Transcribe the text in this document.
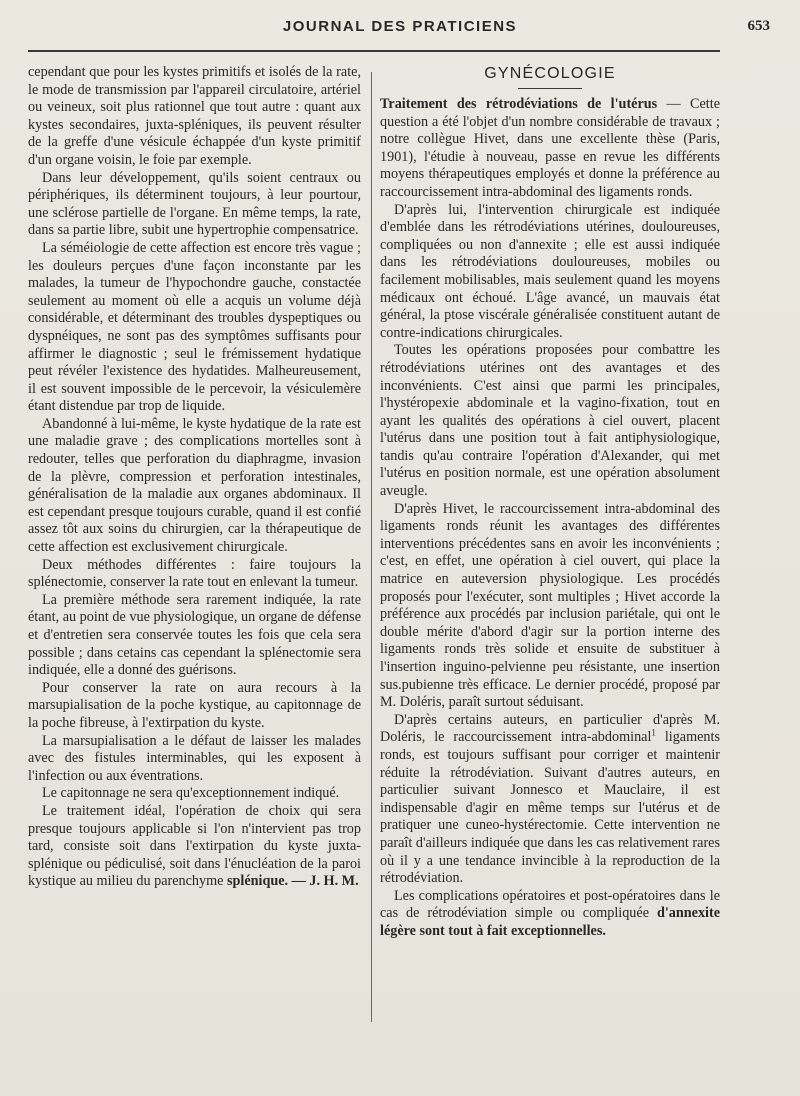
JOURNAL DES PRATICIENS	653

cependant que pour les kystes primitifs et isolés de la rate, le mode de transmission par l'appareil circulatoire, artériel ou veineux, soit plus rationnel que tout autre : quant aux kystes secondaires, juxta-spléniques, ils peuvent résulter de la greffe d'une vésicule échappée d'un kyste primitif d'un organe voisin, le foie par exemple.

Dans leur développement, qu'ils soient centraux ou périphériques, ils déterminent toujours, à leur pourtour, une sclérose partielle de l'organe. En même temps, la rate, dans sa partie libre, subit une hypertrophie compensatrice.

La séméiologie de cette affection est encore très vague ; les douleurs perçues d'une façon inconstante par les malades, la tumeur de l'hypochondre gauche, constactée seulement au moment où elle a acquis un volume déjà considérable, et déterminant des troubles dyspeptiques ou dyspnéiques, ne sont pas des symptômes suffisants pour affirmer le diagnostic ; seul le frémissement hydatique peut révéler l'existence des hydatides. Malheureusement, il est souvent impossible de le percevoir, la vésiculemère étant distendue par trop de liquide.

Abandonné à lui-même, le kyste hydatique de la rate est une maladie grave ; des complications mortelles sont à redouter, telles que perforation du diaphragme, invasion de la plèvre, compression et perforation intestinales, généralisation de la maladie aux organes abdominaux. Il est cependant presque toujours curable, quand il est confié assez tôt aux soins du chirurgien, car la thérapeutique de cette affection est exclusivement chirurgicale.

Deux méthodes différentes : faire toujours la splénectomie, conserver la rate tout en enlevant la tumeur.

La première méthode sera rarement indiquée, la rate étant, au point de vue physiologique, un organe de défense et d'entretien sera conservée toutes les fois que cela sera possible ; dans cetains cas cependant la splénectomie sera indiquée, elle a donné des guérisons.

Pour conserver la rate on aura recours à la marsupialisation de la poche kystique, au capitonnage de la poche fibreuse, à l'extirpation du kyste.

La marsupialisation a le défaut de laisser les malades avec des fistules interminables, qui les exposent à l'infection ou aux éventrations.

Le capitonnage ne sera qu'exceptionnement indiqué.

Le traitement idéal, l'opération de choix qui sera presque toujours applicable si l'on n'intervient pas trop tard, consiste soit dans l'extirpation du kyste juxta-splénique ou pédiculisé, soit dans l'énucléation de la paroi kystique au milieu du parenchyme splénique. — J. H. M.

GYNÉCOLOGIE

Traitement des rétrodéviations de l'utérus — Cette question a été l'objet d'un nombre considérable de travaux ; notre collègue Hivet, dans une excellente thèse (Paris, 1901), l'étudie à nouveau, passe en revue les différents moyens thérapeutiques employés et donne la préférence au raccourcissement intra-abdominal des ligaments ronds.

D'après lui, l'intervention chirurgicale est indiquée d'emblée dans les rétrodéviations utérines, douloureuses, compliquées ou non d'annexite ; elle est aussi indiquée dans les rétrodéviations douloureuses, mobiles ou facilement mobilisables, mais seulement quand les moyens médicaux ont échoué. L'âge avancé, un mauvais état général, la ptose viscérale généralisée constituent autant de contre-indications chirurgicales.

Toutes les opérations proposées pour combattre les rétrodéviations utérines ont des avantages et des inconvénients. C'est ainsi que parmi les principales, l'hystéropexie abdominale et la vagino-fixation, tout en ayant les qualités des opérations à ciel ouvert, placent l'utérus dans une position tout à fait antiphysiologique, tandis qu'au contraire l'opération d'Alexander, qui met l'utérus en position normale, est une opération absolument aveugle.

D'après Hivet, le raccourcissement intra-abdominal des ligaments ronds réunit les avantages des différentes interventions précédentes sans en avoir les inconvénients ; c'est, en effet, une opération à ciel ouvert, qui place la matrice en auteversion physiologique. Les procédés proposés pour l'exécuter, sont multiples ; Hivet accorde la préférence aux procédés par inclusion pariétale, qui ont le double mérite d'abord d'agir sur la portion interne des ligaments ronds très solide et ensuite de substituer à l'insertion inguino-pelvienne peu résistante, une insertion sus.pubienne très efficace. Le dernier procédé, proposé par M. Doléris, paraît surtout séduisant.

D'après certains auteurs, en particulier d'après M. Doléris, le raccourcissement intra-abdominal$^1$ ligaments ronds, est toujours suffisant pour corriger et maintenir réduite la rétrodéviation. Suivant d'autres auteurs, en particulier suivant Jonnesco et Mauclaire, il est indispensable d'agir en même temps sur l'utérus et de pratiquer une cuneo-hystérectomie. Cette intervention ne paraît d'ailleurs indiquée que dans les cas relativement rares où il y a une tendance invincible à la reproduction de la rétrodéviation.

Les complications opératoires et post-opératoires dans le cas de rétrodéviation simple ou compliquée d'annexite légère sont tout à fait exceptionnelles.
